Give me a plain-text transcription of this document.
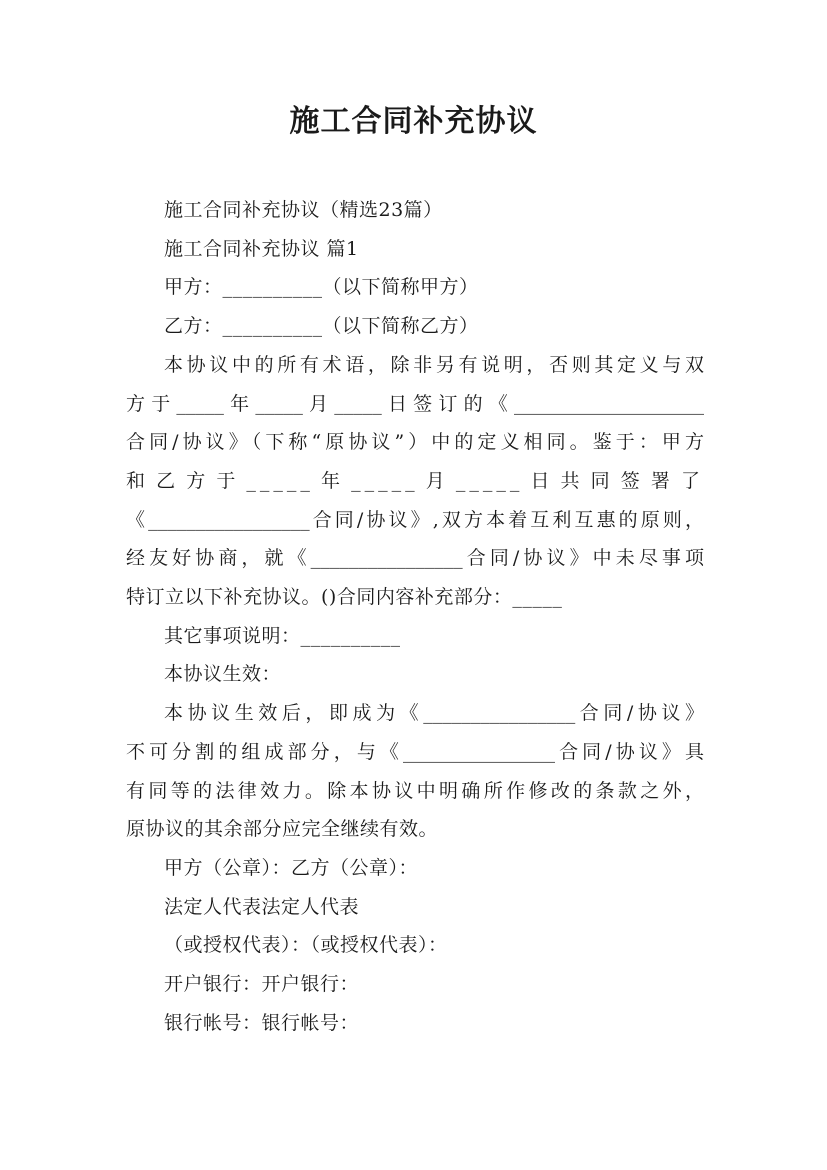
施工合同补充协议

施工合同补充协议（精选23篇）

施工合同补充协议 篇1

甲方：__________（以下简称甲方）

乙方：__________（以下简称乙方）

本协议中的所有术语，除非另有说明，否则其定义与双

方于_____年_____月_____日签订的《____________________

合同/协议》（下称“原协议”）中的定义相同。鉴于：甲方

和乙方于_____年_____月_____日共同签署了

《_________________合同/协议》,双方本着互利互惠的原则，

经友好协商，就《________________合同/协议》中未尽事项

特订立以下补充协议。()合同内容补充部分：_____

其它事项说明：__________

本协议生效：

本协议生效后，即成为《________________合同/协议》

不可分割的组成部分，与《________________合同/协议》具

有同等的法律效力。除本协议中明确所作修改的条款之外，

原协议的其余部分应完全继续有效。

甲方（公章）：乙方（公章）：

法定人代表法定人代表

（或授权代表）：（或授权代表）：

开户银行：开户银行：

银行帐号：银行帐号：
